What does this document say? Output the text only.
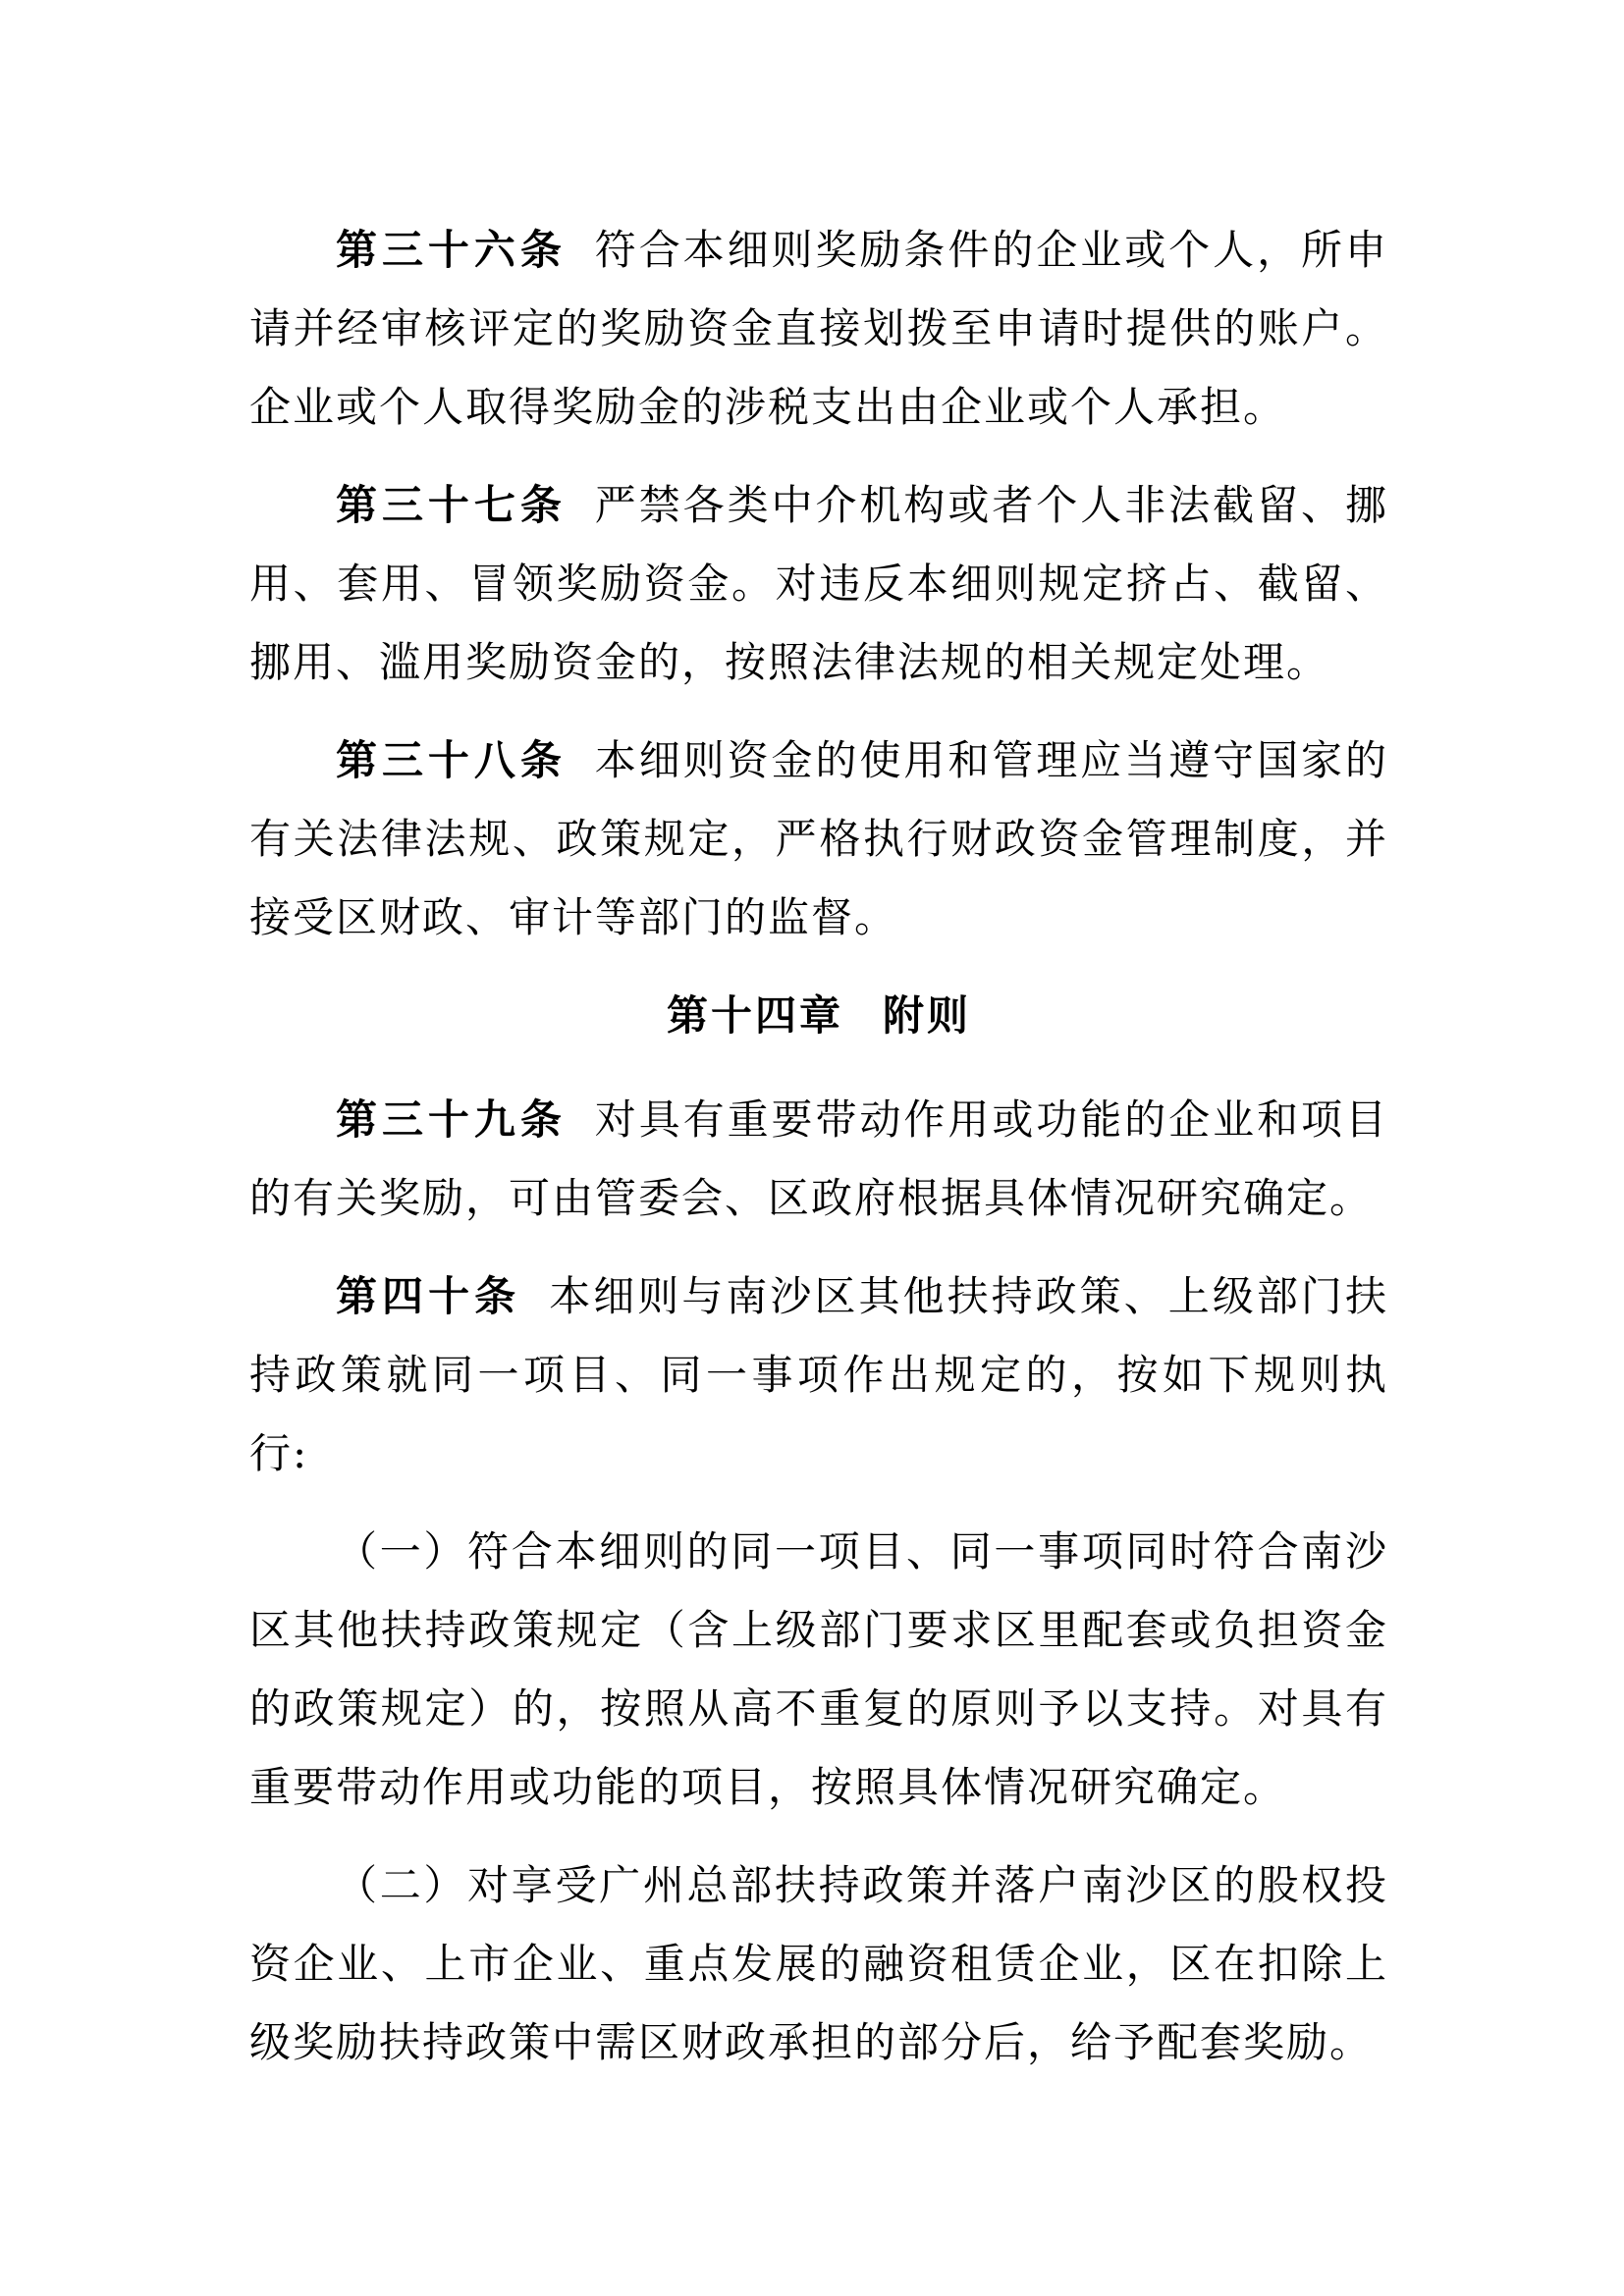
第三十六条 符合本细则奖励条件的企业或个人，所申请并经审核评定的奖励资金直接划拨至申请时提供的账户。企业或个人取得奖励金的涉税支出由企业或个人承担。

第三十七条 严禁各类中介机构或者个人非法截留、挪用、套用、冒领奖励资金。对违反本细则规定挤占、截留、挪用、滥用奖励资金的，按照法律法规的相关规定处理。

第三十八条 本细则资金的使用和管理应当遵守国家的有关法律法规、政策规定，严格执行财政资金管理制度，并接受区财政、审计等部门的监督。

第十四章 附则

第三十九条 对具有重要带动作用或功能的企业和项目的有关奖励，可由管委会、区政府根据具体情况研究确定。

第四十条 本细则与南沙区其他扶持政策、上级部门扶持政策就同一项目、同一事项作出规定的，按如下规则执行:

（一）符合本细则的同一项目、同一事项同时符合南沙区其他扶持政策规定（含上级部门要求区里配套或负担资金的政策规定）的，按照从高不重复的原则予以支持。对具有重要带动作用或功能的项目，按照具体情况研究确定。

（二）对享受广州总部扶持政策并落户南沙区的股权投资企业、上市企业、重点发展的融资租赁企业，区在扣除上级奖励扶持政策中需区财政承担的部分后，给予配套奖励。
